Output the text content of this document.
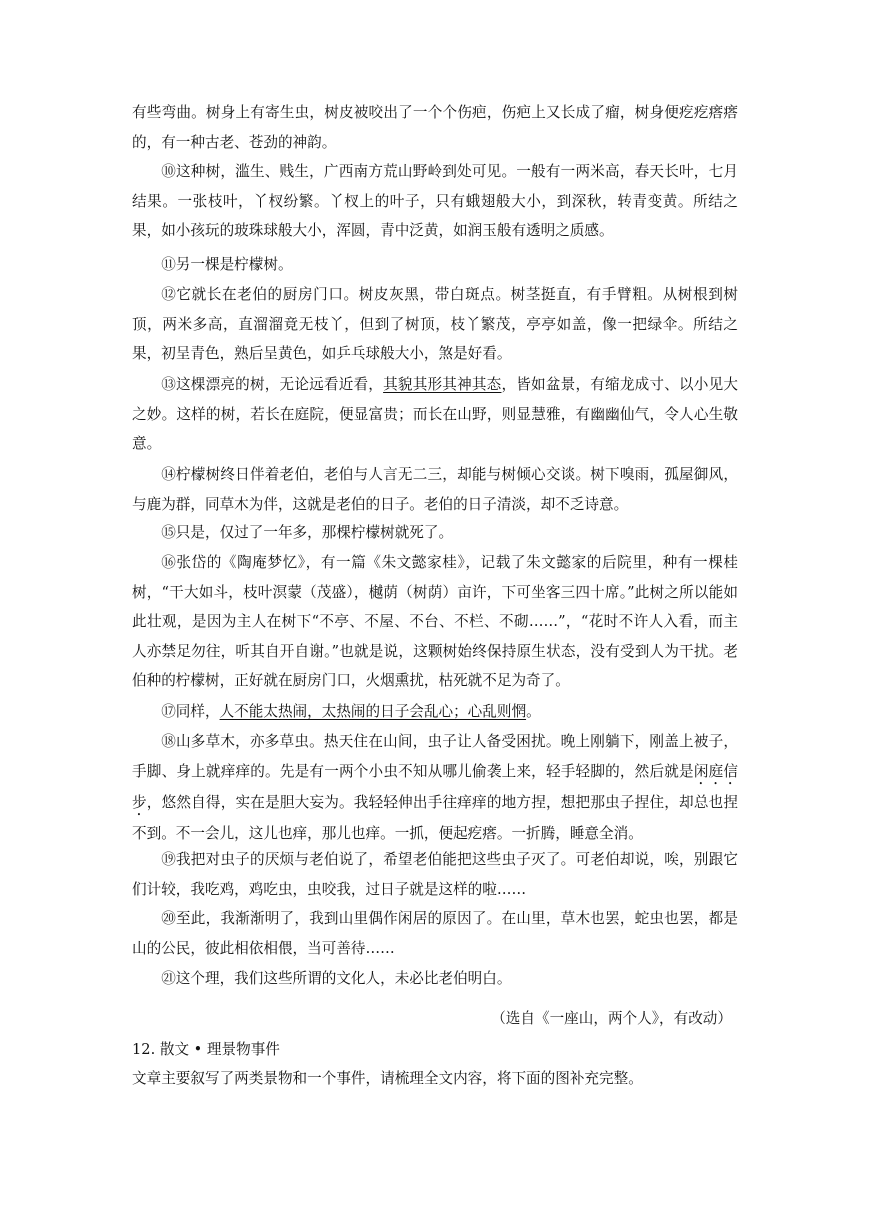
有些弯曲。树身上有寄生虫，树皮被咬出了一个个伤疤，伤疤上又长成了瘤，树身便疙疙瘩瘩的，有一种古老、苍劲的神韵。

⑩这种树，滥生、贱生，广西南方荒山野岭到处可见。一般有一两米高，春天长叶，七月结果。一张枝叶，丫杈纷繁。丫杈上的叶子，只有蛾翅般大小，到深秋，转青变黄。所结之果，如小孩玩的玻珠球般大小，浑圆，青中泛黄，如润玉般有透明之质感。

⑪另一棵是柠檬树。

⑫它就长在老伯的厨房门口。树皮灰黑，带白斑点。树茎挺直，有手臂粗。从树根到树顶，两米多高，直溜溜竟无枝丫，但到了树顶，枝丫繁茂，亭亭如盖，像一把绿伞。所结之果，初呈青色，熟后呈黄色，如乒乓球般大小，煞是好看。

⑬这棵漂亮的树，无论远看近看，其貌其形其神其态，皆如盆景，有缩龙成寸、以小见大之妙。这样的树，若长在庭院，便显富贵；而长在山野，则显慧雅，有幽幽仙气，令人心生敬意。

⑭柠檬树终日伴着老伯，老伯与人言无二三，却能与树倾心交谈。树下嗅雨，孤屋御风，与鹿为群，同草木为伴，这就是老伯的日子。老伯的日子清淡，却不乏诗意。

⑮只是，仅过了一年多，那棵柠檬树就死了。

⑯张岱的《陶庵梦忆》，有一篇《朱文懿家桂》，记载了朱文懿家的后院里，种有一棵桂树，“干大如斗，枝叶溟蒙（茂盛），樾荫（树荫）亩许，下可坐客三四十席。”此树之所以能如此壮观，是因为主人在树下“不亭、不屋、不台、不栏、不砌……”，“花时不许人入看，而主人亦禁足勿往，听其自开自谢。”也就是说，这颗树始终保持原生状态，没有受到人为干扰。老伯种的柠檬树，正好就在厨房门口，火烟熏扰，枯死就不足为奇了。

⑰同样，人不能太热闹，太热闹的日子会乱心；心乱则惘。

⑱山多草木，亦多草虫。热天住在山间，虫子让人备受困扰。晚上刚躺下，刚盖上被子，手脚、身上就痒痒的。先是有一两个小虫不知从哪儿偷袭上来，轻手轻脚的，然后就是闲庭信步，悠然自得，实在是胆大妄为。我轻轻伸出手往痒痒的地方捏，想把那虫子捏住，却总也捏不到。不一会儿，这儿也痒，那儿也痒。一抓，便起疙瘩。一折腾，睡意全消。

⑲我把对虫子的厌烦与老伯说了，希望老伯能把这些虫子灭了。可老伯却说，唉，别跟它们计较，我吃鸡，鸡吃虫，虫咬我，过日子就是这样的啦……

⑳至此，我渐渐明了，我到山里偶作闲居的原因了。在山里，草木也罢，蛇虫也罢，都是山的公民，彼此相依相偎，当可善待……

㉑这个理，我们这些所谓的文化人，未必比老伯明白。

（选自《一座山，两个人》，有改动）
12. 散文 • 理景物事件
文章主要叙写了两类景物和一个事件，请梳理全文内容，将下面的图补充完整。
